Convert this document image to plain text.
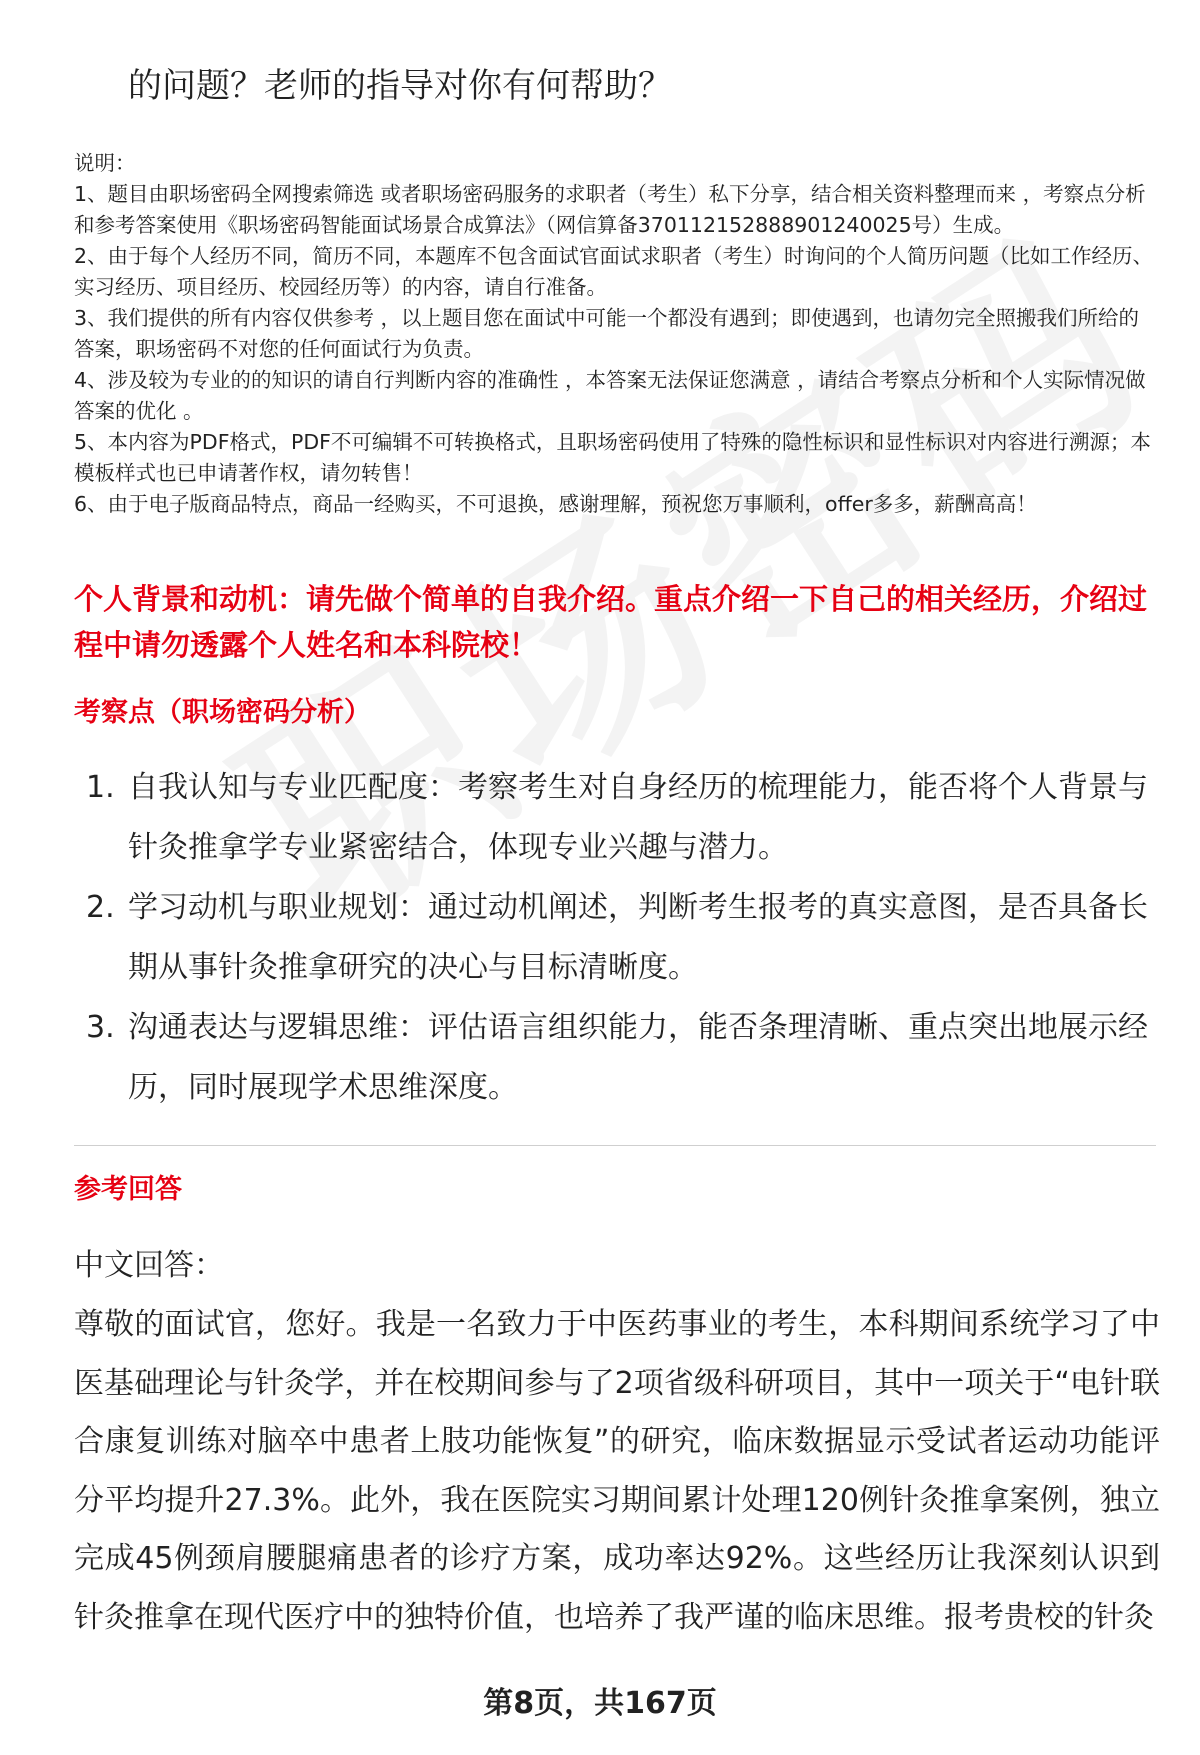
的问题？老师的指导对你有何帮助？

说明：

1、题目由职场密码全网搜索筛选 或者职场密码服务的求职者（考生）私下分享，结合相关资料整理而来 ，考察点分析和参考答案使用《职场密码智能面试场景合成算法》（网信算备370112152888901240025号）生成。

2、由于每个人经历不同，简历不同，本题库不包含面试官面试求职者（考生）时询问的个人简历问题（比如工作经历、实习经历、项目经历、校园经历等）的内容，请自行准备。

3、我们提供的所有内容仅供参考 ，以上题目您在面试中可能一个都没有遇到；即使遇到，也请勿完全照搬我们所给的答案，职场密码不对您的任何面试行为负责。

4、涉及较为专业的的知识的请自行判断内容的准确性 ，本答案无法保证您满意 ，请结合考察点分析和个人实际情况做答案的优化 。

5、本内容为PDF格式，PDF不可编辑不可转换格式，且职场密码使用了特殊的隐性标识和显性标识对内容进行溯源；本模板样式也已申请著作权，请勿转售！

6、由于电子版商品特点，商品一经购买，不可退换，感谢理解，预祝您万事顺利，offer多多，薪酬高高！

个人背景和动机：请先做个简单的自我介绍。重点介绍一下自己的相关经历，介绍过程中请勿透露个人姓名和本科院校！

考察点（职场密码分析）
1. 自我认知与专业匹配度：考察考生对自身经历的梳理能力，能否将个人背景与针灸推拿学专业紧密结合，体现专业兴趣与潜力。
2. 学习动机与职业规划：通过动机阐述，判断考生报考的真实意图，是否具备长期从事针灸推拿研究的决心与目标清晰度。
3. 沟通表达与逻辑思维：评估语言组织能力，能否条理清晰、重点突出地展示经历，同时展现学术思维深度。
参考回答
中文回答：

尊敬的面试官，您好。我是一名致力于中医药事业的考生，本科期间系统学习了中医基础理论与针灸学，并在校期间参与了2项省级科研项目，其中一项关于“电针联合康复训练对脑卒中患者上肢功能恢复”的研究，临床数据显示受试者运动功能评分平均提升27.3%。此外，我在医院实习期间累计处理120例针灸推拿案例，独立完成45例颈肩腰腿痛患者的诊疗方案，成功率达92%。这些经历让我深刻认识到针灸推拿在现代医疗中的独特价值，也培养了我严谨的临床思维。报考贵校的针灸

第8页，共167页
